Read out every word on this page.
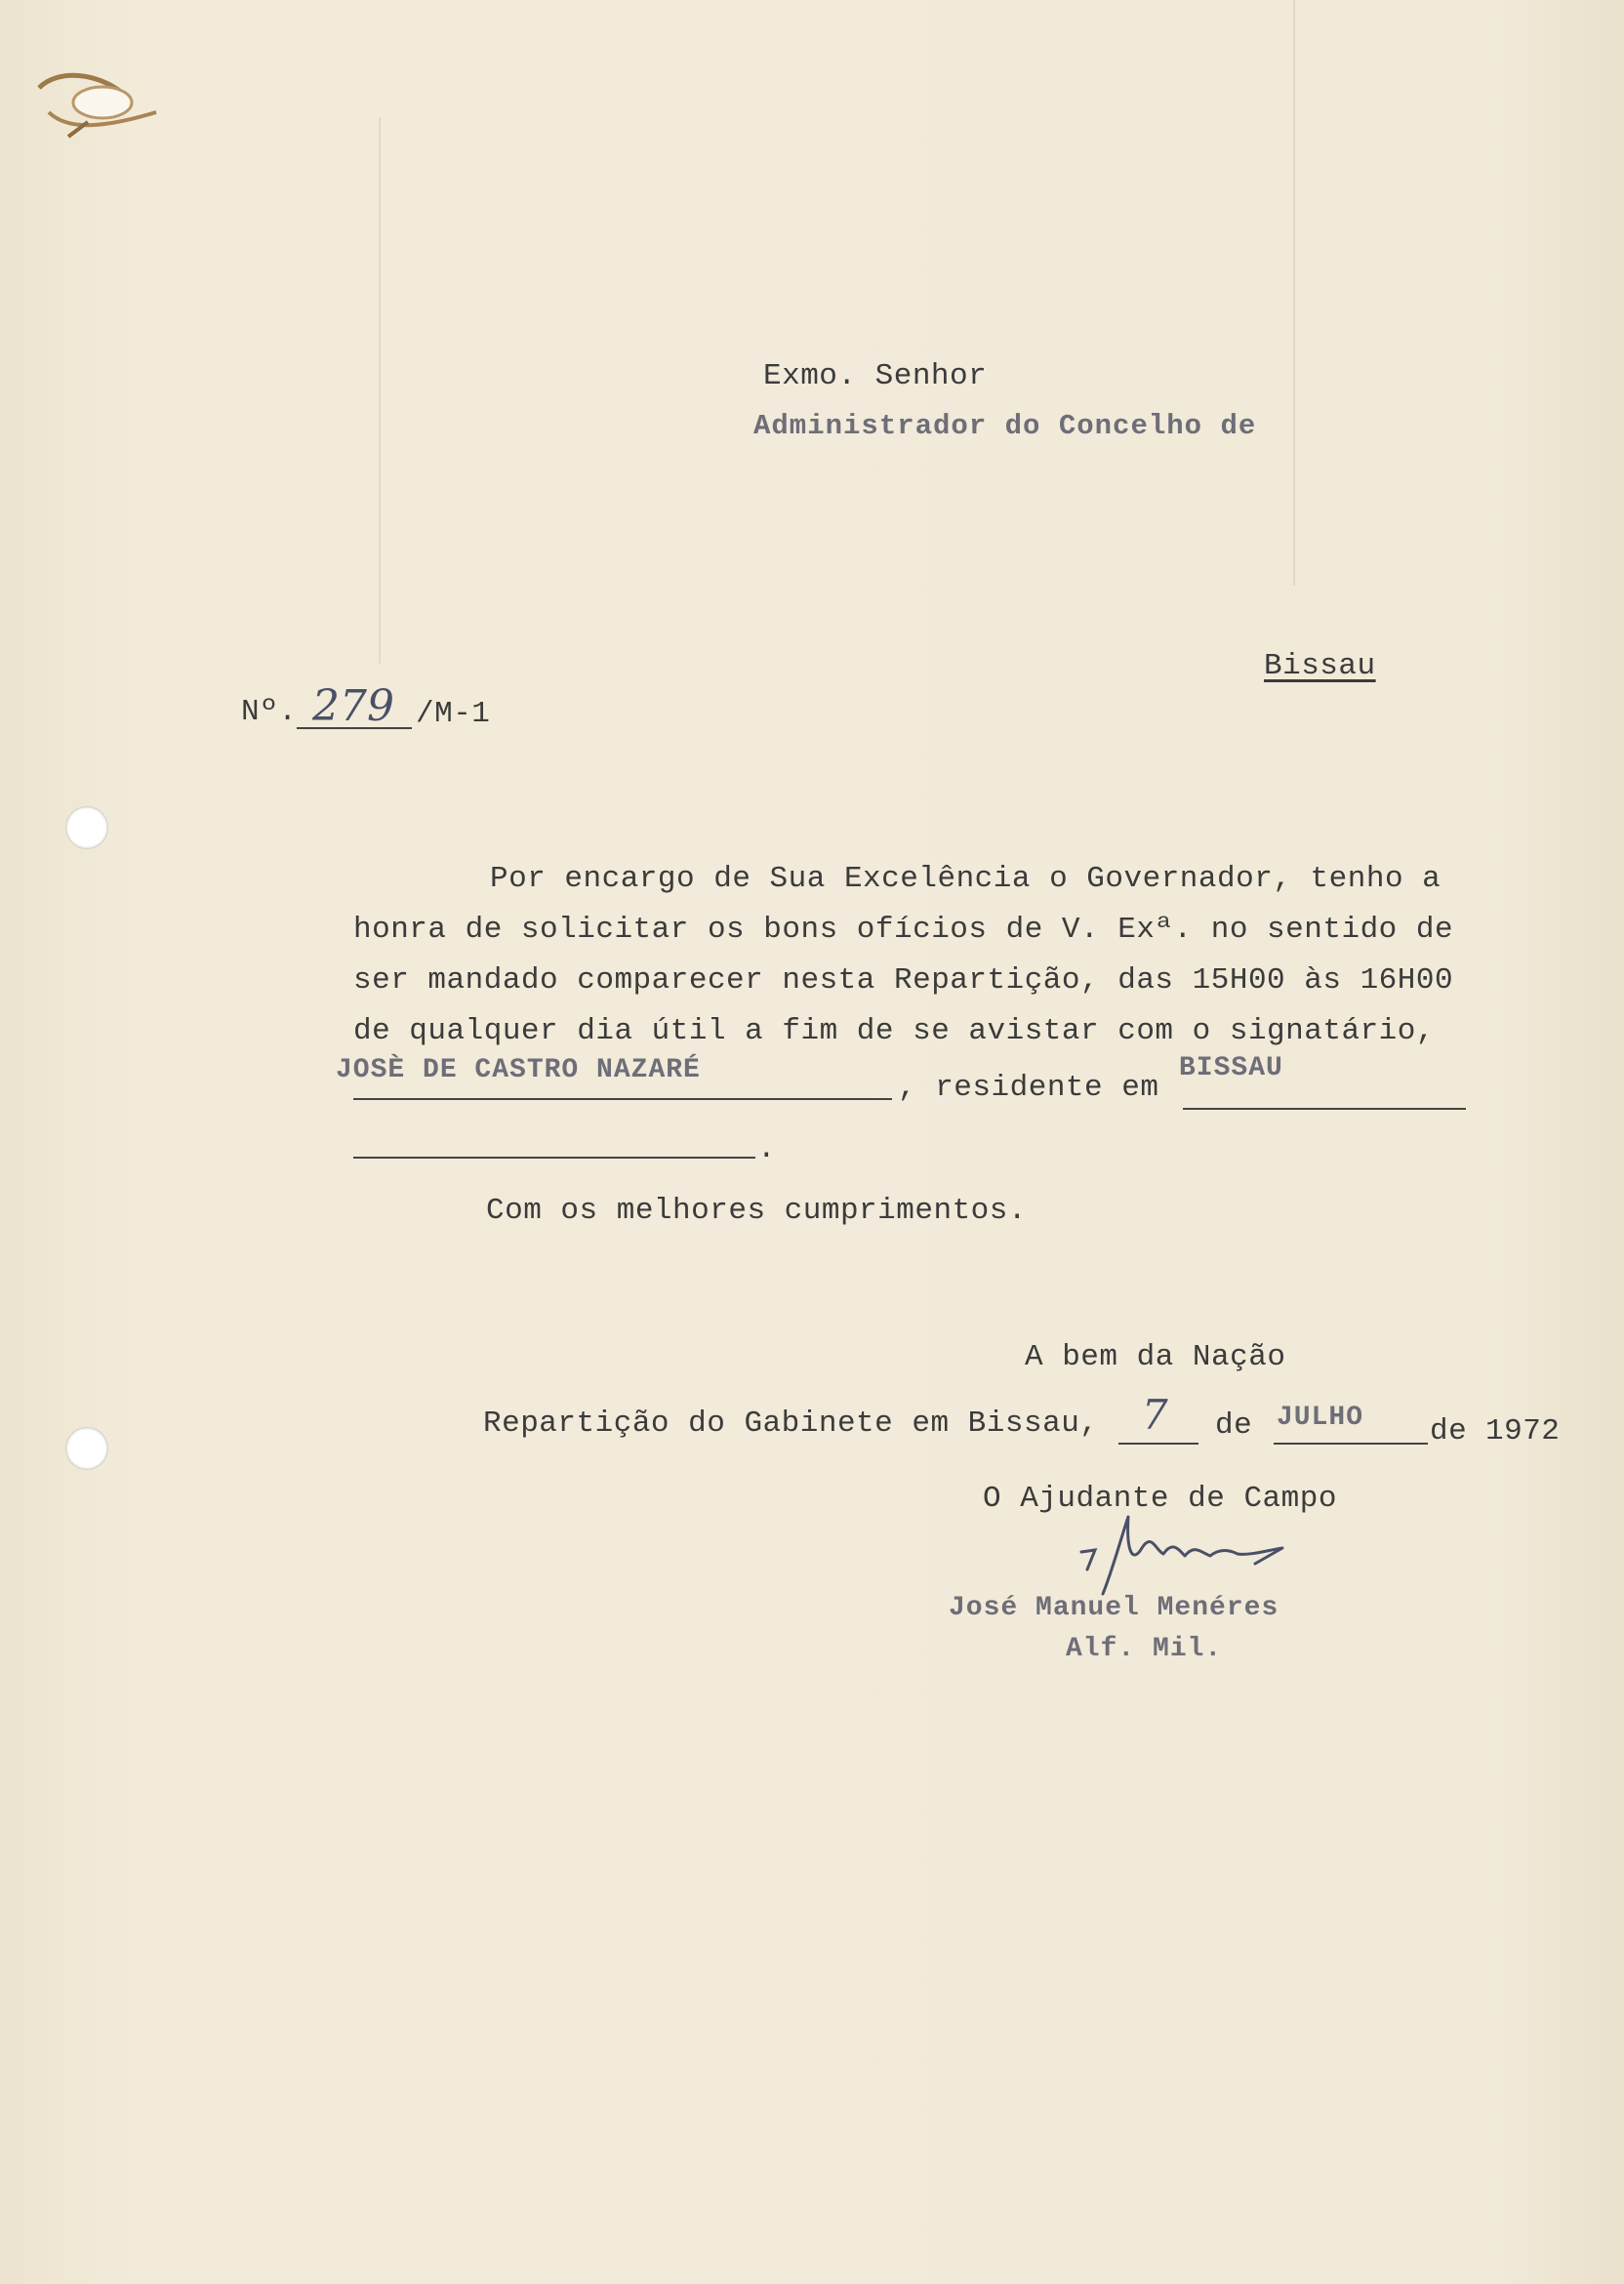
Exmo. Senhor
Administrador do Concelho de
Bissau
Nº. 279 /M-1
Por encargo de Sua Excelência o Governador, tenho a
honra de solicitar os bons ofícios de V. Exª. no sentido de
ser mandado comparecer nesta Repartição, das 15H00 às 16H00
de qualquer dia útil a fim de se avistar com o signatário,
JOSÈ DE CASTRO NAZARÉ
, residente em
BISSAU
.
Com os melhores cumprimentos.
A bem da Nação
Repartição do Gabinete em Bissau, 7 de JULHO de 1972
O Ajudante de Campo
José Manuel Menéres
Alf. Mil.
